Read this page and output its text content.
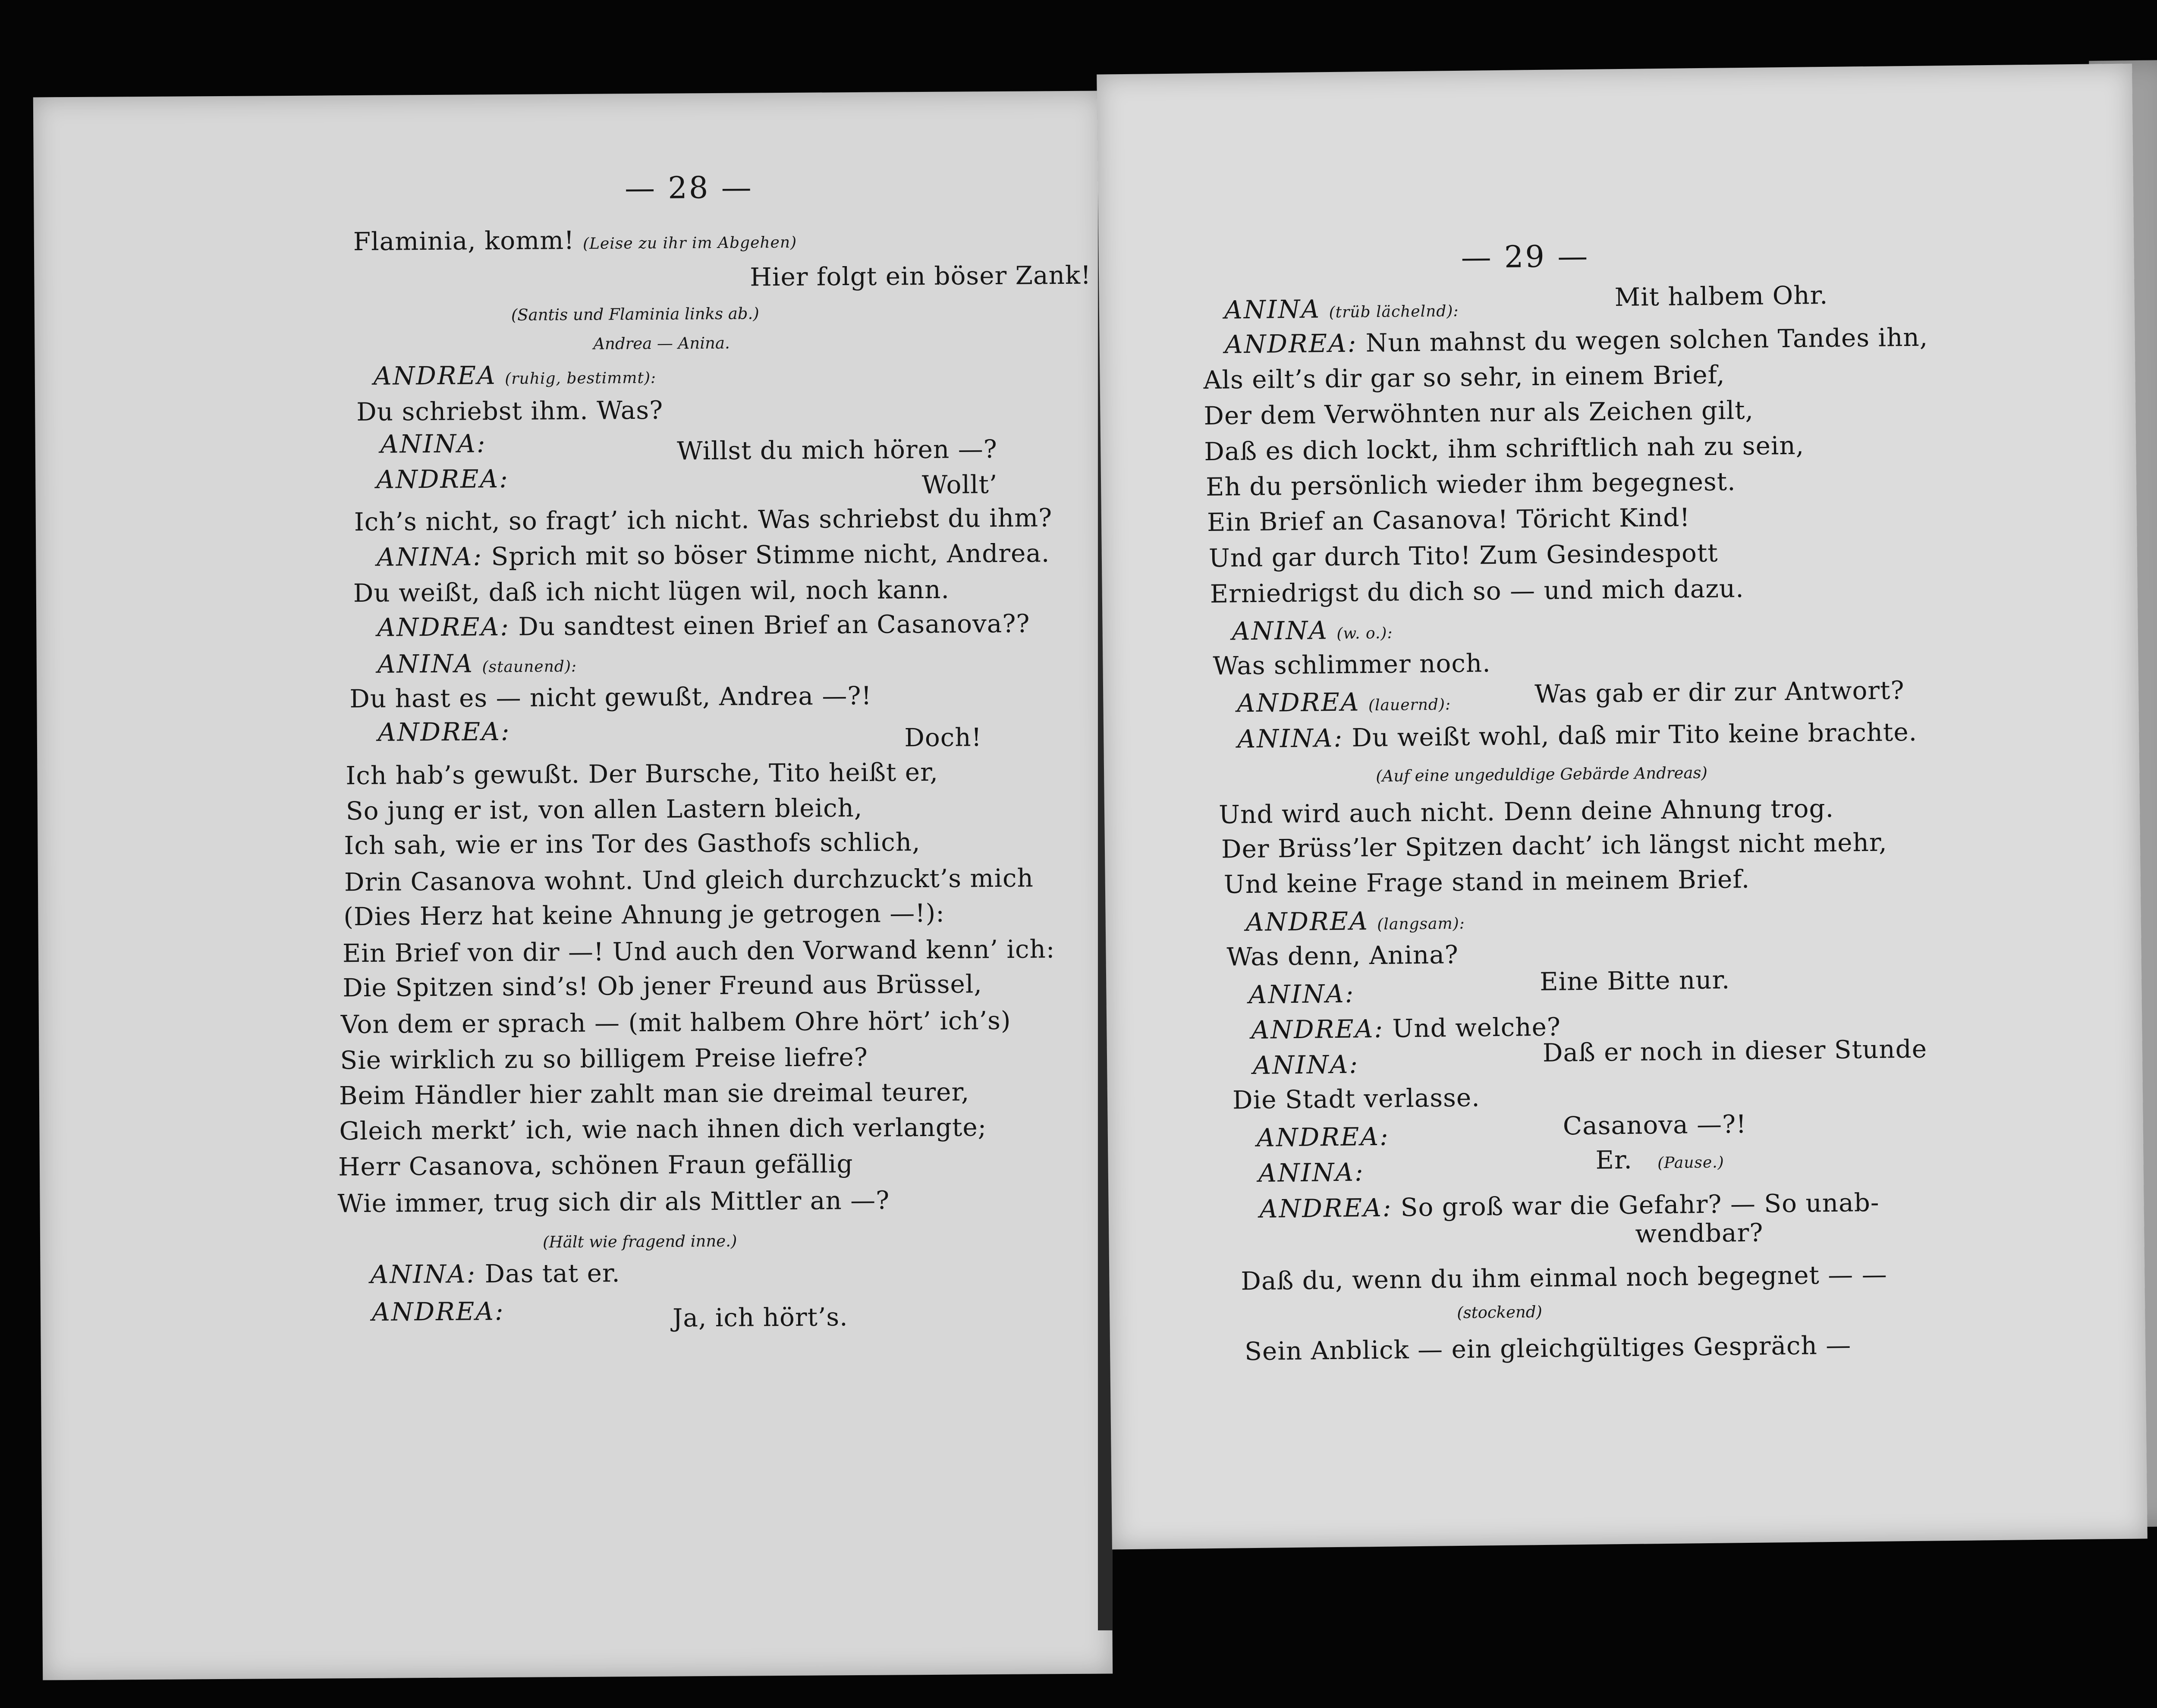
— 28 —
Flaminia, komm! (Leise zu ihr im Abgehen)
Hier folgt ein böser Zank!
(Santis und Flaminia links ab.)
Andrea — Anina.
ANDREA (ruhig, bestimmt):
Du schriebst ihm. Was?
ANINA:	Willst du mich hören —?
ANDREA:	Wollt’
Ich’s nicht, so fragt’ ich nicht. Was schriebst du ihm?
ANINA: Sprich mit so böser Stimme nicht, Andrea.
Du weißt, daß ich nicht lügen wil, noch kann.
ANDREA: Du sandtest einen Brief an Casanova??
ANINA (staunend):
Du hast es — nicht gewußt, Andrea —?!
ANDREA:	Doch!
Ich hab’s gewußt. Der Bursche, Tito heißt er,
So jung er ist, von allen Lastern bleich,
Ich sah, wie er ins Tor des Gasthofs schlich,
Drin Casanova wohnt. Und gleich durchzuckt’s mich
(Dies Herz hat keine Ahnung je getrogen —!):
Ein Brief von dir —! Und auch den Vorwand kenn’ ich:
Die Spitzen sind’s! Ob jener Freund aus Brüssel,
Von dem er sprach — (mit halbem Ohre hört’ ich’s)
Sie wirklich zu so billigem Preise liefre?
Beim Händler hier zahlt man sie dreimal teurer,
Gleich merkt’ ich, wie nach ihnen dich verlangte;
Herr Casanova, schönen Fraun gefällig
Wie immer, trug sich dir als Mittler an —?
(Hält wie fragend inne.)
ANINA: Das tat er.
ANDREA:	Ja, ich hört’s.
— 29 —
ANINA (trüb lächelnd):	Mit halbem Ohr.
ANDREA: Nun mahnst du wegen solchen Tandes ihn,
Als eilt’s dir gar so sehr, in einem Brief,
Der dem Verwöhnten nur als Zeichen gilt,
Daß es dich lockt, ihm schriftlich nah zu sein,
Eh du persönlich wieder ihm begegnest.
Ein Brief an Casanova! Töricht Kind!
Und gar durch Tito! Zum Gesindespott
Erniedrigst du dich so — und mich dazu.
ANINA (w. o.):
Was schlimmer noch.
ANDREA (lauernd):	Was gab er dir zur Antwort?
ANINA: Du weißt wohl, daß mir Tito keine brachte.
(Auf eine ungeduldige Gebärde Andreas)
Und wird auch nicht. Denn deine Ahnung trog.
Der Brüss’ler Spitzen dacht’ ich längst nicht mehr,
Und keine Frage stand in meinem Brief.
ANDREA (langsam):
Was denn, Anina?
ANINA:	Eine Bitte nur.
ANDREA: Und welche?
ANINA:	Daß er noch in dieser Stunde
Die Stadt verlasse.
ANDREA:	Casanova —?!
ANINA:	Er. (Pause.)
ANDREA: So groß war die Gefahr? — So unab-
wendbar?
Daß du, wenn du ihm einmal noch begegnet — —
(stockend)
Sein Anblick — ein gleichgültiges Gespräch —
